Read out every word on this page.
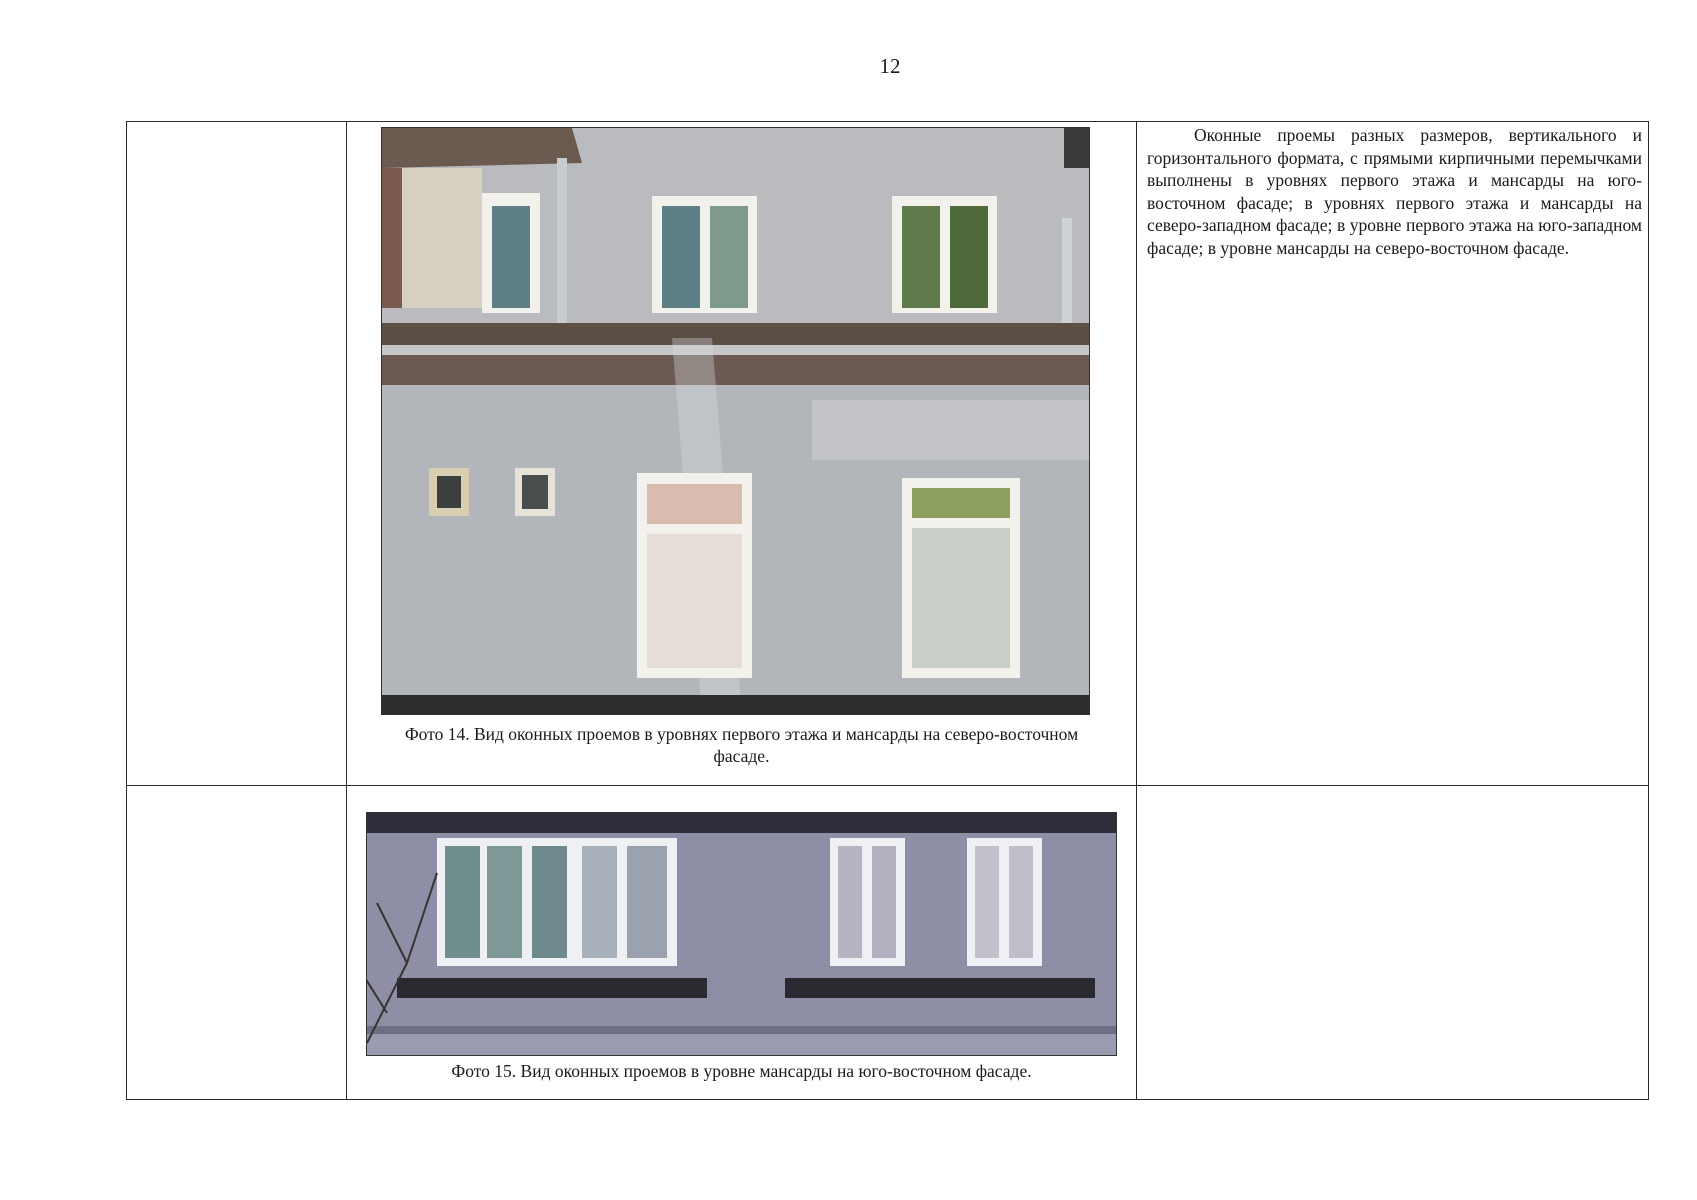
12

	Фото 14. Вид оконных проемов в уровнях первого этажа и мансарды на северо-восточном фасаде.	Оконные проемы разных размеров, вертикального и горизонтального формата, с прямыми кирпичными перемычками выполнены в уровнях первого этажа и мансарды на юго-восточном фасаде; в уровнях первого этажа и мансарды на северо-западном фасаде; в уровне первого этажа на юго-западном фасаде; в уровне мансарды на северо-восточном фасаде.

	Фото 15. Вид оконных проемов в уровне мансарды на юго-восточном фасаде.	
